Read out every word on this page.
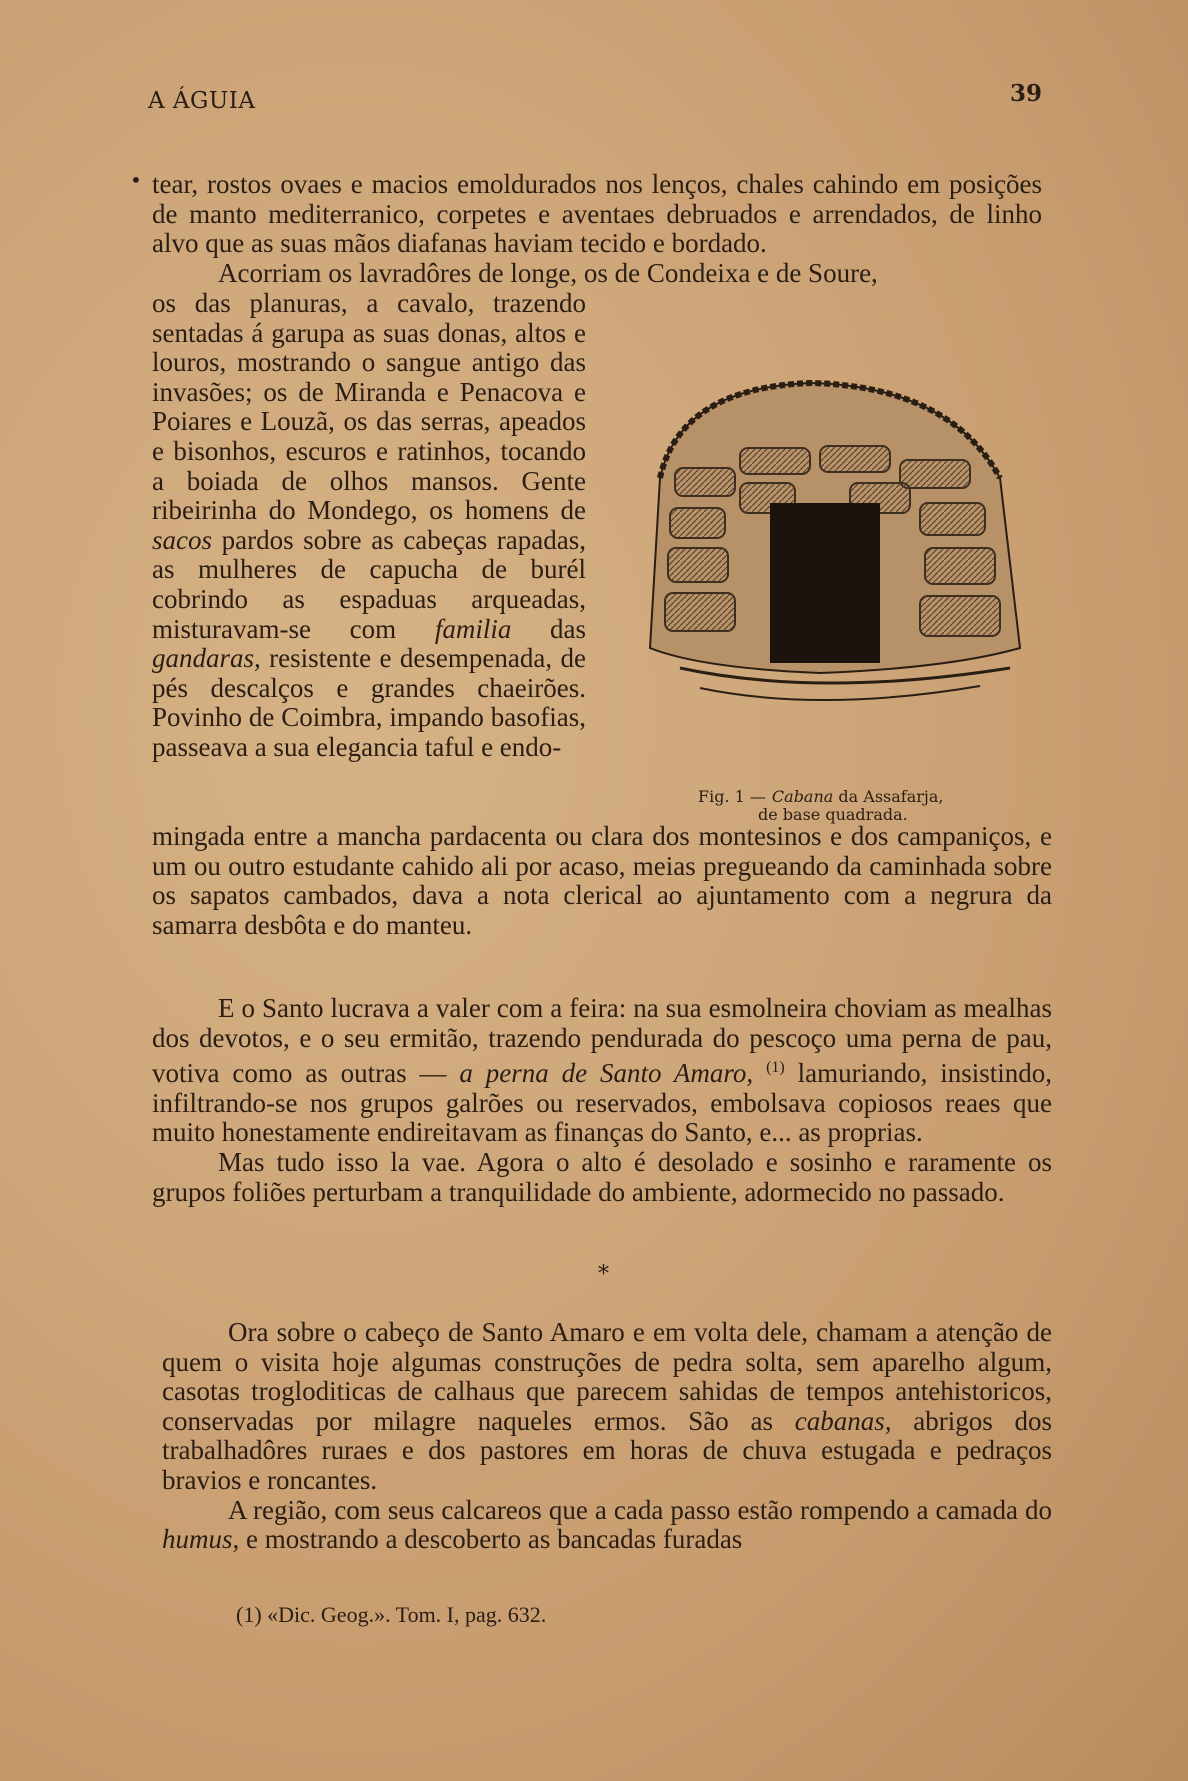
A ÁGUIA	39
• tear, rostos ovaes e macios emoldurados nos lenços, chales cahindo em posições de manto mediterranico, corpetes e aventaes debruados e arrendados, de linho alvo que as suas mãos diafanas haviam tecido e bordado.

Acorriam os lavradôres de longe, os de Condeixa e de Soure,

os das planuras, a cavalo, trazendo sentadas á garupa as suas donas, altos e louros, mostrando o sangue antigo das invasões; os de Miranda e Penacova e Poiares e Louzã, os das serras, apeados e bisonhos, escuros e ratinhos, tocando a boiada de olhos mansos. Gente ribeirinha do Mondego, os homens de sacos pardos sobre as cabeças rapadas, as mulheres de capucha de burél cobrindo as espaduas arqueadas, misturavam-se com familia das gandaras, resistente e desempenada, de pés descalços e grandes chaeirões. Povinho de Coimbra, impando basofias, passeava a sua elegancia taful e endo-
Fig. 1 — Cabana da Assafarja,
de base quadrada.
mingada entre a mancha pardacenta ou clara dos montesinos e dos campaniços, e um ou outro estudante cahido ali por acaso, meias pregueando da caminhada sobre os sapatos cambados, dava a nota clerical ao ajuntamento com a negrura da samarra desbôta e do manteu.

E o Santo lucrava a valer com a feira: na sua esmolneira choviam as mealhas dos devotos, e o seu ermitão, trazendo pendurada do pescoço uma perna de pau, votiva como as outras — a perna de Santo Amaro, $^{(1)}$ lamuriando, insistindo, infiltrando-se nos grupos galrões ou reservados, embolsava copiosos reaes que muito honestamente endireitavam as finanças do Santo, e... as proprias.

Mas tudo isso la vae. Agora o alto é desolado e sosinho e raramente os grupos foliões perturbam a tranquilidade do ambiente, adormecido no passado.

*

Ora sobre o cabeço de Santo Amaro e em volta dele, chamam a atenção de quem o visita hoje algumas construções de pedra solta, sem aparelho algum, casotas trogloditicas de calhaus que parecem sahidas de tempos antehistoricos, conservadas por milagre naqueles ermos. São as cabanas, abrigos dos trabalhadôres ruraes e dos pastores em horas de chuva estugada e pedraços bravios e roncantes.

A região, com seus calcareos que a cada passo estão rompendo a camada do humus, e mostrando a descoberto as bancadas furadas

(1) «Dic. Geog.». Tom. I, pag. 632.
